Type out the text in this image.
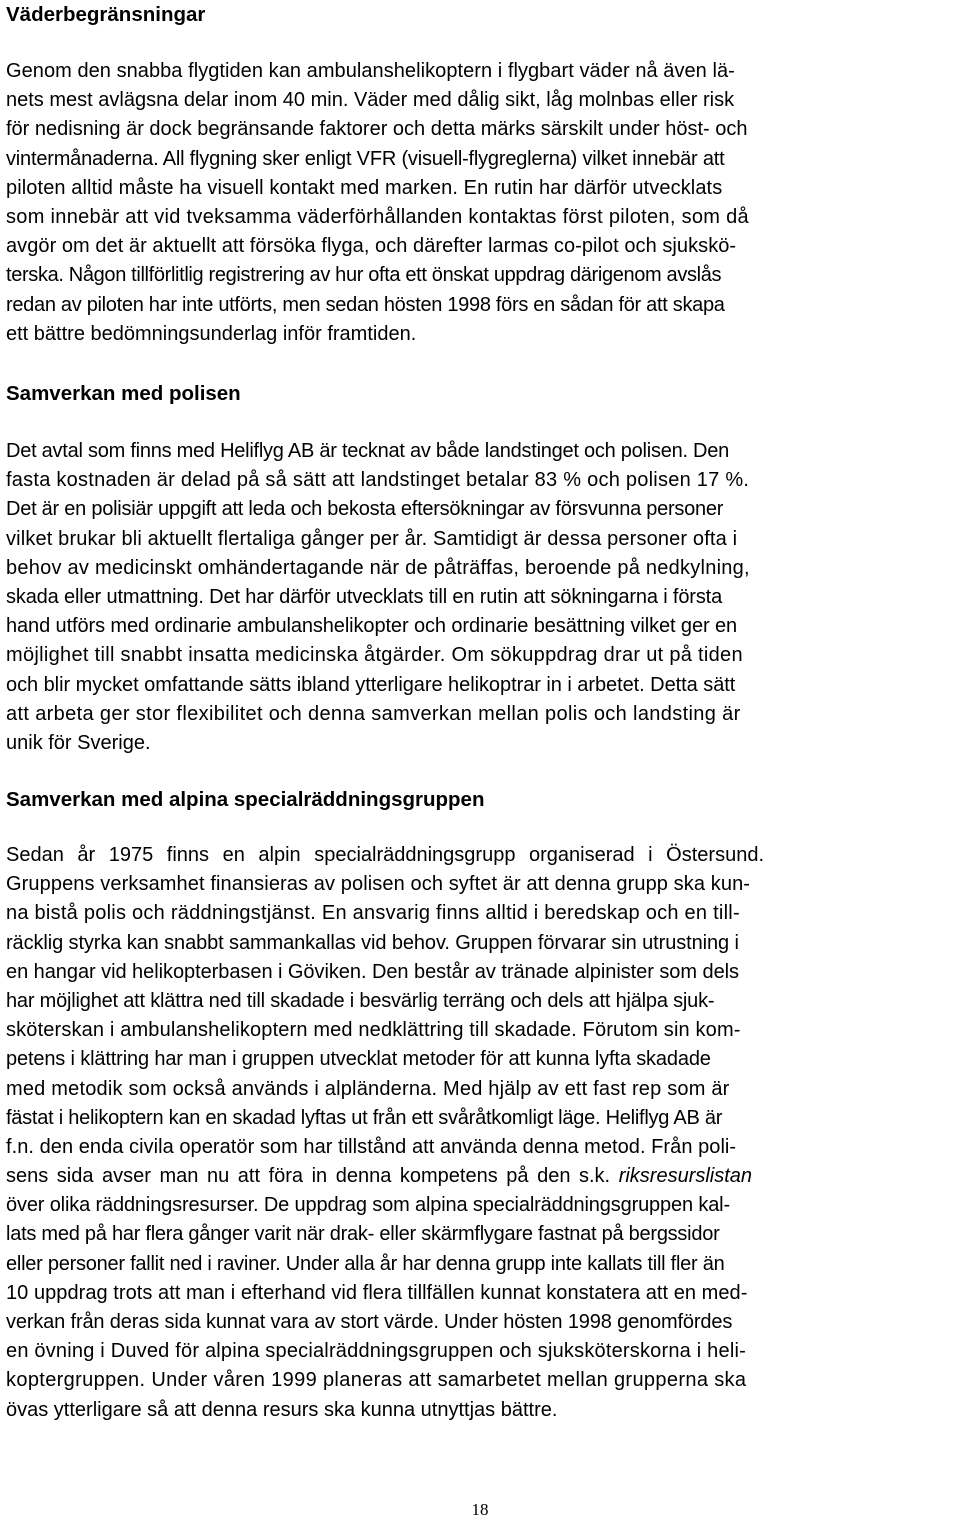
Väderbegränsningar
Genom den snabba flygtiden kan ambulanshelikoptern i flygbart väder nå även lä-
nets mest avlägsna delar inom 40 min. Väder med dålig sikt, låg molnbas eller risk
för nedisning är dock begränsande faktorer och detta märks särskilt under höst- och
vintermånaderna. All flygning sker enligt VFR (visuell-flygreglerna) vilket innebär att
piloten alltid måste ha visuell kontakt med marken. En rutin har därför utvecklats
som innebär att vid tveksamma väderförhållanden kontaktas först piloten, som då
avgör om det är aktuellt att försöka flyga, och därefter larmas co-pilot och sjukskö-
terska. Någon tillförlitlig registrering av hur ofta ett önskat uppdrag därigenom avslås
redan av piloten har inte utförts, men sedan hösten 1998 förs en sådan för att skapa
ett bättre bedömningsunderlag inför framtiden.
Samverkan med polisen
Det avtal som finns med Heliflyg AB är tecknat av både landstinget och polisen. Den
fasta kostnaden är delad på så sätt att landstinget betalar 83 % och polisen 17 %.
Det är en polisiär uppgift att leda och bekosta eftersökningar av försvunna personer
vilket brukar bli aktuellt flertaliga gånger per år. Samtidigt är dessa personer ofta i
behov av medicinskt omhändertagande när de påträffas, beroende på nedkylning,
skada eller utmattning. Det har därför utvecklats till en rutin att sökningarna i första
hand utförs med ordinarie ambulanshelikopter och ordinarie besättning vilket ger en
möjlighet till snabbt insatta medicinska åtgärder. Om sökuppdrag drar ut på tiden
och blir mycket omfattande sätts ibland ytterligare helikoptrar in i arbetet. Detta sätt
att arbeta ger stor flexibilitet och denna samverkan mellan polis och landsting är
unik för Sverige.
Samverkan med alpina specialräddningsgruppen
Sedan år 1975 finns en alpin specialräddningsgrupp organiserad i Östersund.
Gruppens verksamhet finansieras av polisen och syftet är att denna grupp ska kun-
na bistå polis och räddningstjänst. En ansvarig finns alltid i beredskap och en till-
räcklig styrka kan snabbt sammankallas vid behov. Gruppen förvarar sin utrustning i
en hangar vid helikopterbasen i Göviken. Den består av tränade alpinister som dels
har möjlighet att klättra ned till skadade i besvärlig terräng och dels att hjälpa sjuk-
sköterskan i ambulanshelikoptern med nedklättring till skadade. Förutom sin kom-
petens i klättring har man i gruppen utvecklat metoder för att kunna lyfta skadade
med metodik som också används i alpländerna. Med hjälp av ett fast rep som är
fästat i helikoptern kan en skadad lyftas ut från ett svåråtkomligt läge. Heliflyg AB är
f.n. den enda civila operatör som har tillstånd att använda denna metod. Från poli-
sens sida avser man nu att föra in denna kompetens på den s.k. riksresurslistan
över olika räddningsresurser. De uppdrag som alpina specialräddningsgruppen kal-
lats med på har flera gånger varit när drak- eller skärmflygare fastnat på bergssidor
eller personer fallit ned i raviner. Under alla år har denna grupp inte kallats till fler än
10 uppdrag trots att man i efterhand vid flera tillfällen kunnat konstatera att en med-
verkan från deras sida kunnat vara av stort värde. Under hösten 1998 genomfördes
en övning i Duved för alpina specialräddningsgruppen och sjuksköterskorna i heli-
koptergruppen. Under våren 1999 planeras att samarbetet mellan grupperna ska
övas ytterligare så att denna resurs ska kunna utnyttjas bättre.
18
